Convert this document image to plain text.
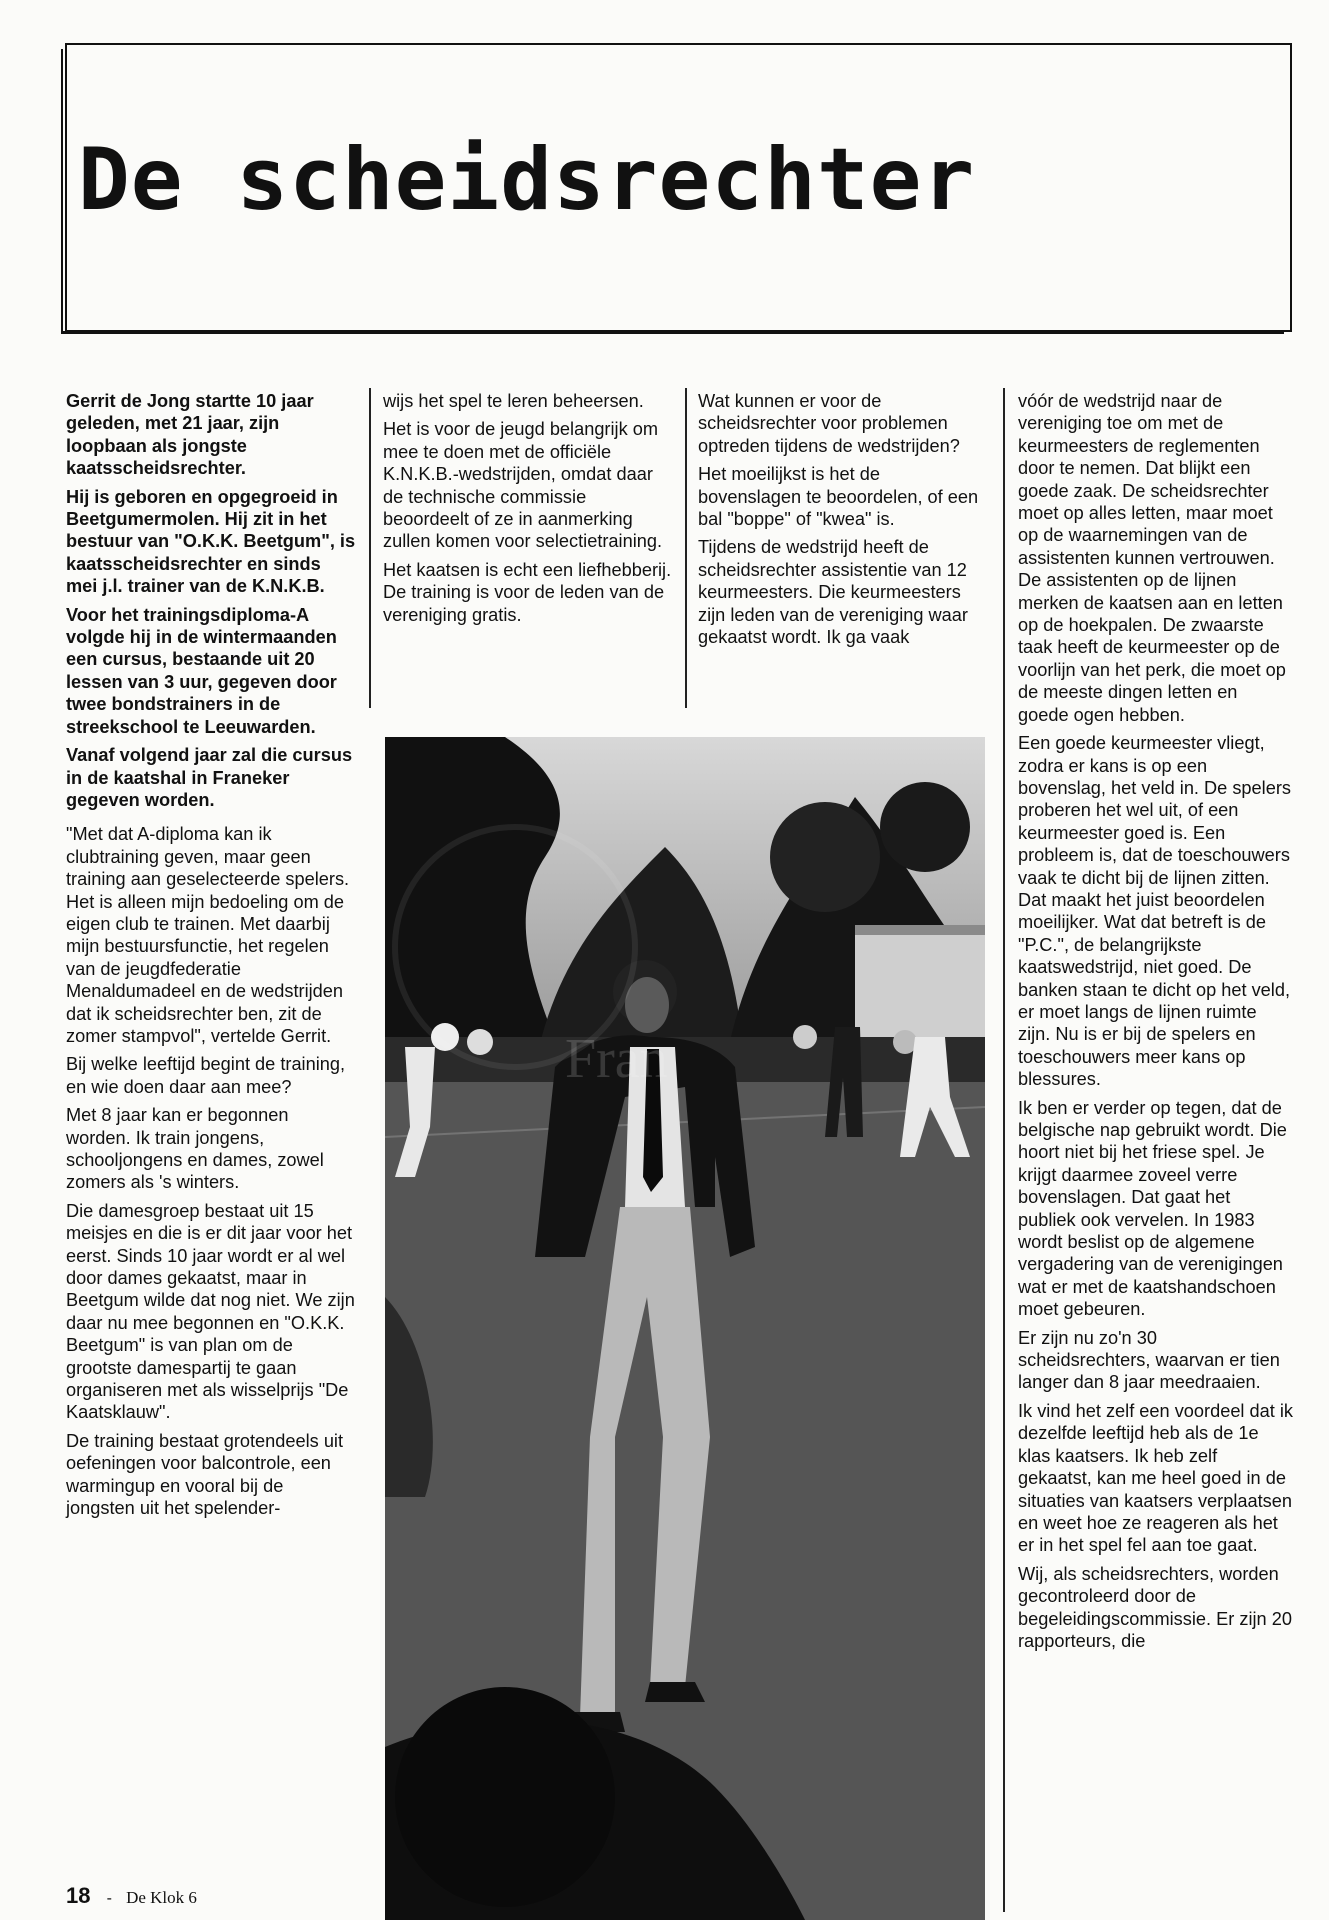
De scheidsrechter

Gerrit de Jong startte 10 jaar geleden, met 21 jaar, zijn loopbaan als jongste kaatsscheidsrechter.

Hij is geboren en opgegroeid in Beetgumermolen. Hij zit in het bestuur van "O.K.K. Beetgum", is kaatsscheidsrechter en sinds mei j.l. trainer van de K.N.K.B.

Voor het trainingsdiploma-A volgde hij in de wintermaanden een cursus, bestaande uit 20 lessen van 3 uur, gegeven door twee bondstrainers in de streekschool te Leeuwarden.

Vanaf volgend jaar zal die cursus in de kaatshal in Franeker gegeven worden.

"Met dat A-diploma kan ik clubtraining geven, maar geen training aan geselecteerde spelers. Het is alleen mijn bedoeling om de eigen club te trainen. Met daarbij mijn bestuursfunctie, het regelen van de jeugdfederatie Menaldumadeel en de wedstrijden dat ik scheidsrechter ben, zit de zomer stampvol", vertelde Gerrit.

Bij welke leeftijd begint de training, en wie doen daar aan mee?

Met 8 jaar kan er begonnen worden. Ik train jongens, schooljongens en dames, zowel zomers als 's winters.

Die damesgroep bestaat uit 15 meisjes en die is er dit jaar voor het eerst. Sinds 10 jaar wordt er al wel door dames gekaatst, maar in Beetgum wilde dat nog niet. We zijn daar nu mee begonnen en "O.K.K. Beetgum" is van plan om de grootste damespartij te gaan organiseren met als wisselprijs "De Kaatsklauw".

De training bestaat grotendeels uit oefeningen voor balcontrole, een warmingup en vooral bij de jongsten uit het spelender-

wijs het spel te leren beheersen.

Het is voor de jeugd belangrijk om mee te doen met de officiële K.N.K.B.-wedstrijden, omdat daar de technische commissie beoordeelt of ze in aanmerking zullen komen voor selectietraining.

Het kaatsen is echt een liefhebberij. De training is voor de leden van de vereniging gratis.

Wat kunnen er voor de scheidsrechter voor problemen optreden tijdens de wedstrijden?

Het moeilijkst is het de bovenslagen te beoordelen, of een bal "boppe" of "kwea" is.

Tijdens de wedstrijd heeft de scheidsrechter assistentie van 12 keurmeesters. Die keurmeesters zijn leden van de vereniging waar gekaatst wordt. Ik ga vaak

vóór de wedstrijd naar de vereniging toe om met de keurmeesters de reglementen door te nemen. Dat blijkt een goede zaak. De scheidsrechter moet op alles letten, maar moet op de waarnemingen van de assistenten kunnen vertrouwen. De assistenten op de lijnen merken de kaatsen aan en letten op de hoekpalen. De zwaarste taak heeft de keurmeester op de voorlijn van het perk, die moet op de meeste dingen letten en goede ogen hebben.

Een goede keurmeester vliegt, zodra er kans is op een bovenslag, het veld in. De spelers proberen het wel uit, of een keurmeester goed is. Een probleem is, dat de toeschouwers vaak te dicht bij de lijnen zitten. Dat maakt het juist beoordelen moeilijker. Wat dat betreft is de "P.C.", de belangrijkste kaatswedstrijd, niet goed. De banken staan te dicht op het veld, er moet langs de lijnen ruimte zijn. Nu is er bij de spelers en toeschouwers meer kans op blessures.

Ik ben er verder op tegen, dat de belgische nap gebruikt wordt. Die hoort niet bij het friese spel. Je krijgt daarmee zoveel verre bovenslagen. Dat gaat het publiek ook vervelen. In 1983 wordt beslist op de algemene vergadering van de verenigingen wat er met de kaatshandschoen moet gebeuren.

Er zijn nu zo'n 30 scheidsrechters, waarvan er tien langer dan 8 jaar meedraaien.

Ik vind het zelf een voordeel dat ik dezelfde leeftijd heb als de 1e klas kaatsers. Ik heb zelf gekaatst, kan me heel goed in de situaties van kaatsers verplaatsen en weet hoe ze reageren als het er in het spel fel aan toe gaat.

Wij, als scheidsrechters, worden gecontroleerd door de begeleidingscommissie. Er zijn 20 rapporteurs, die

Fran
18 - De Klok 6
